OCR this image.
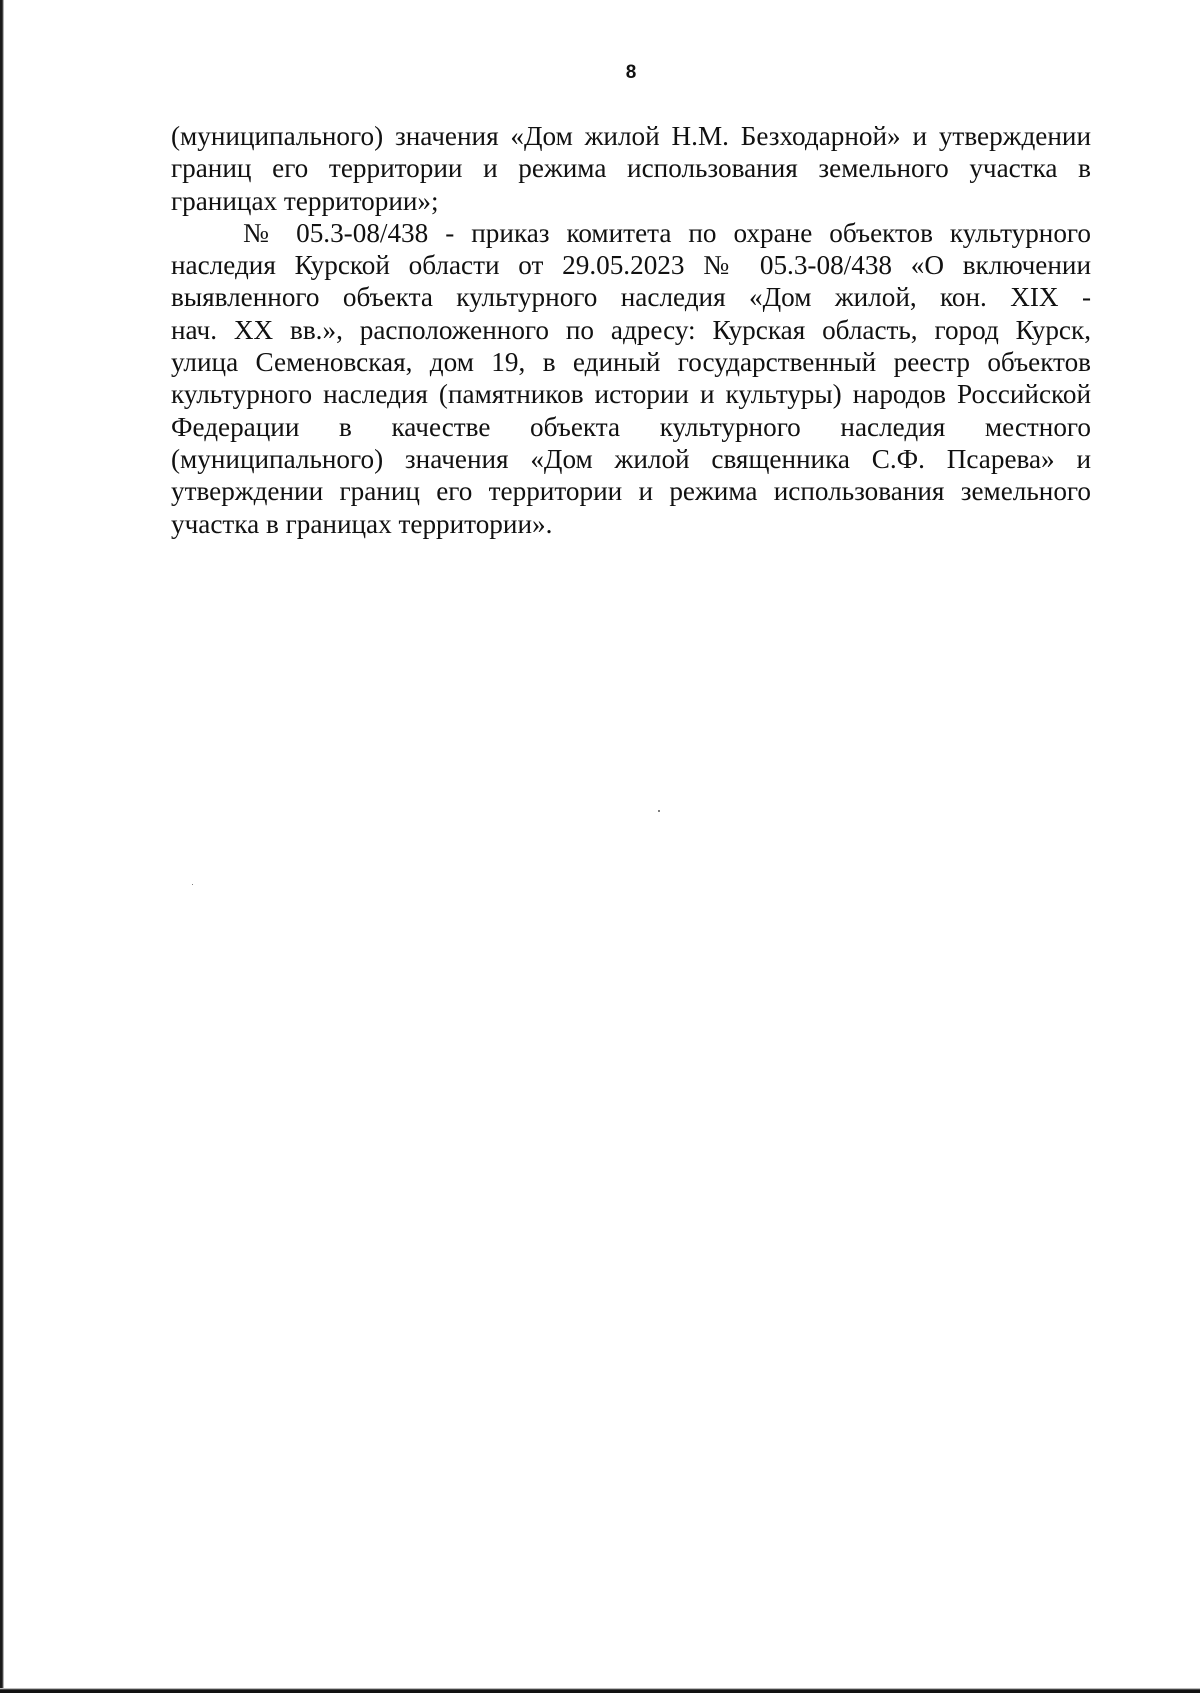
8
(муниципального) значения «Дом жилой Н.М. Безходарной» и утверждении
границ его территории и режима использования земельного участка в
границах территории»;
№ 05.3-08/438 - приказ комитета по охране объектов культурного
наследия Курской области от 29.05.2023 № 05.3-08/438 «О включении
выявленного объекта культурного наследия «Дом жилой, кон. XIX -
нач. XX вв.», расположенного по адресу: Курская область, город Курск,
улица Семеновская, дом 19, в единый государственный реестр объектов
культурного наследия (памятников истории и культуры) народов Российской
Федерации в качестве объекта культурного наследия местного
(муниципального) значения «Дом жилой священника С.Ф. Псарева» и
утверждении границ его территории и режима использования земельного
участка в границах территории».
